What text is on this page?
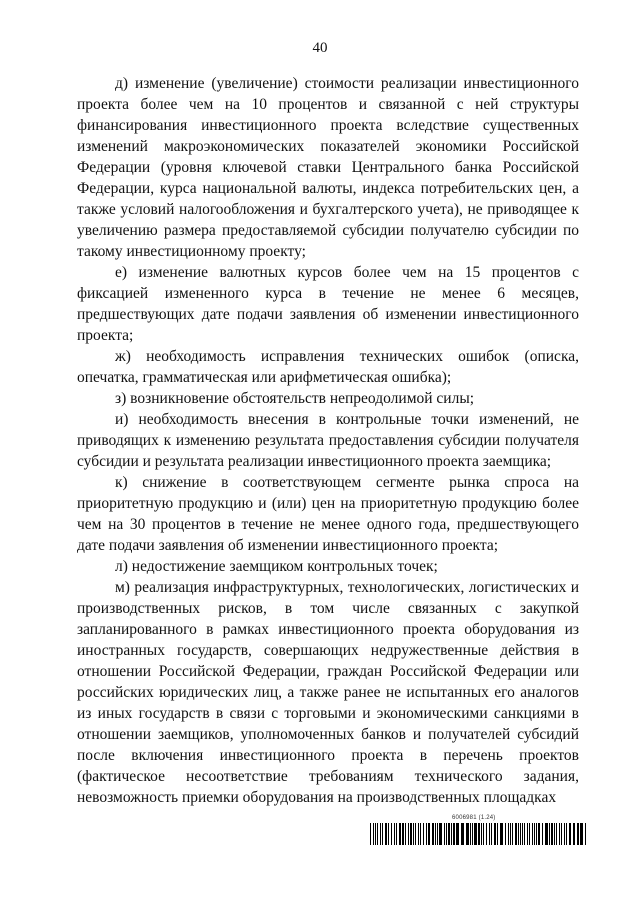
40

д) изменение (увеличение) стоимости реализации инвестиционного проекта более чем на 10 процентов и связанной с ней структуры финансирования инвестиционного проекта вследствие существенных изменений макроэкономических показателей экономики Российской Федерации (уровня ключевой ставки Центрального банка Российской Федерации, курса национальной валюты, индекса потребительских цен, а также условий налогообложения и бухгалтерского учета), не приводящее к увеличению размера предоставляемой субсидии получателю субсидии по такому инвестиционному проекту;

е) изменение валютных курсов более чем на 15 процентов с фиксацией измененного курса в течение не менее 6 месяцев, предшествующих дате подачи заявления об изменении инвестиционного проекта;

ж) необходимость исправления технических ошибок (описка, опечатка, грамматическая или арифметическая ошибка);

з) возникновение обстоятельств непреодолимой силы;

и) необходимость внесения в контрольные точки изменений, не приводящих к изменению результата предоставления субсидии получателя субсидии и результата реализации инвестиционного проекта заемщика;

к) снижение в соответствующем сегменте рынка спроса на приоритетную продукцию и (или) цен на приоритетную продукцию более чем на 30 процентов в течение не менее одного года, предшествующего дате подачи заявления об изменении инвестиционного проекта;

л) недостижение заемщиком контрольных точек;

м) реализация инфраструктурных, технологических, логистических и производственных рисков, в том числе связанных с закупкой запланированного в рамках инвестиционного проекта оборудования из иностранных государств, совершающих недружественные действия в отношении Российской Федерации, граждан Российской Федерации или российских юридических лиц, а также ранее не испытанных его аналогов из иных государств в связи с торговыми и экономическими санкциями в отношении заемщиков, уполномоченных банков и получателей субсидий после включения инвестиционного проекта в перечень проектов (фактическое несоответствие требованиям технического задания, невозможность приемки оборудования на производственных площадках

6006981 (1.24)
